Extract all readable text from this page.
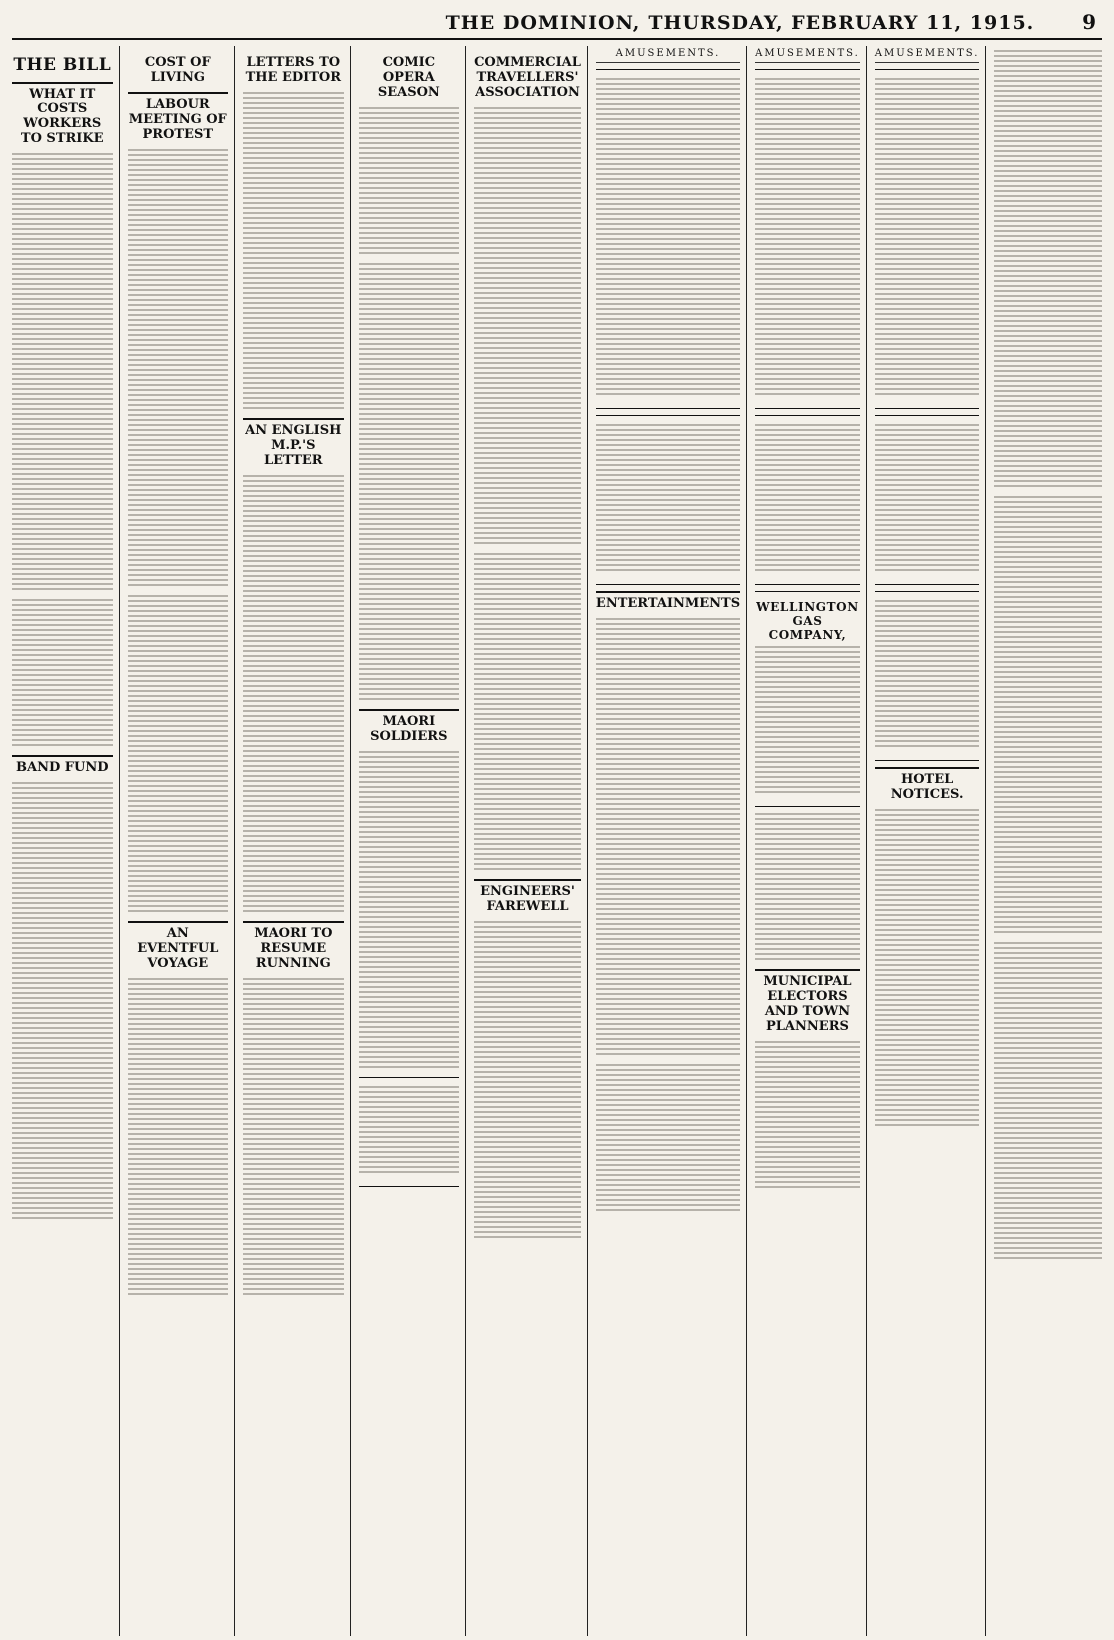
THE DOMINION, THURSDAY, FEBRUARY 11, 1915.	9
THE BILL
WHAT IT COSTS WORKERS TO STRIKE
BAND FUND
COST OF LIVING
LABOUR MEETING OF PROTEST
AN EVENTFUL VOYAGE
LETTERS TO THE EDITOR
AN ENGLISH M.P.'S LETTER
MAORI TO RESUME RUNNING
COMIC OPERA SEASON
MAORI SOLDIERS
COMMERCIAL TRAVELLERS' ASSOCIATION
ENGINEERS' FAREWELL
AMUSEMENTS.
ENTERTAINMENTS
AMUSEMENTS.
WELLINGTON GAS COMPANY,
MUNICIPAL ELECTORS AND TOWN PLANNERS
AMUSEMENTS.
HOTEL NOTICES.
